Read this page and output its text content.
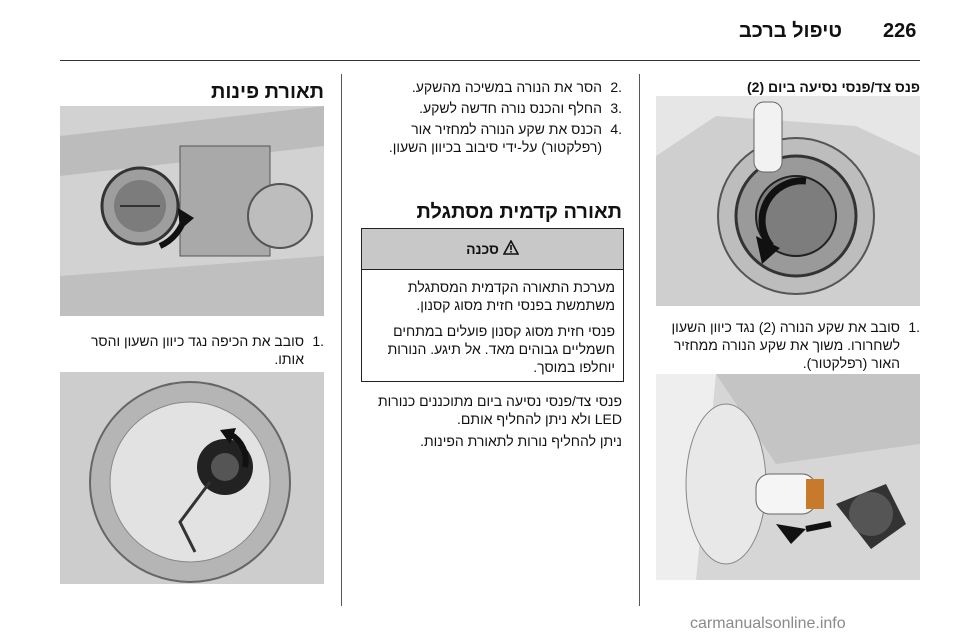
226
טיפול ברכב
פנס צד/פנסי נסיעה ביום (2)
.1
סובב את שקע הנורה (2) נגד כיוון השעון לשחרורו. משוך את שקע הנורה ממחזיר האור (רפלקטור).
.2
הסר את הנורה במשיכה מהשקע.
.3
החלף והכנס נורה חדשה לשקע.
.4
הכנס את שקע הנורה למחזיר אור (רפלקטור) על-ידי סיבוב בכיוון השעון.
תאורה קדמית מסתגלת
סכנה

מערכת התאורה הקדמית המסתגלת משתמשת בפנסי חזית מסוג קסנון.

פנסי חזית מסוג קסנון פועלים במתחים חשמליים גבוהים מאד. אל תיגע. הנורות יוחלפו במוסך.

פנסי צד/פנסי נסיעה ביום מתוכננים כנורות LED ולא ניתן להחליף אותם.
ניתן להחליף נורות לתאורת הפינות.
תאורת פינות
.1
סובב את הכיפה נגד כיוון השעון והסר אותו.
carmanualsonline.info
